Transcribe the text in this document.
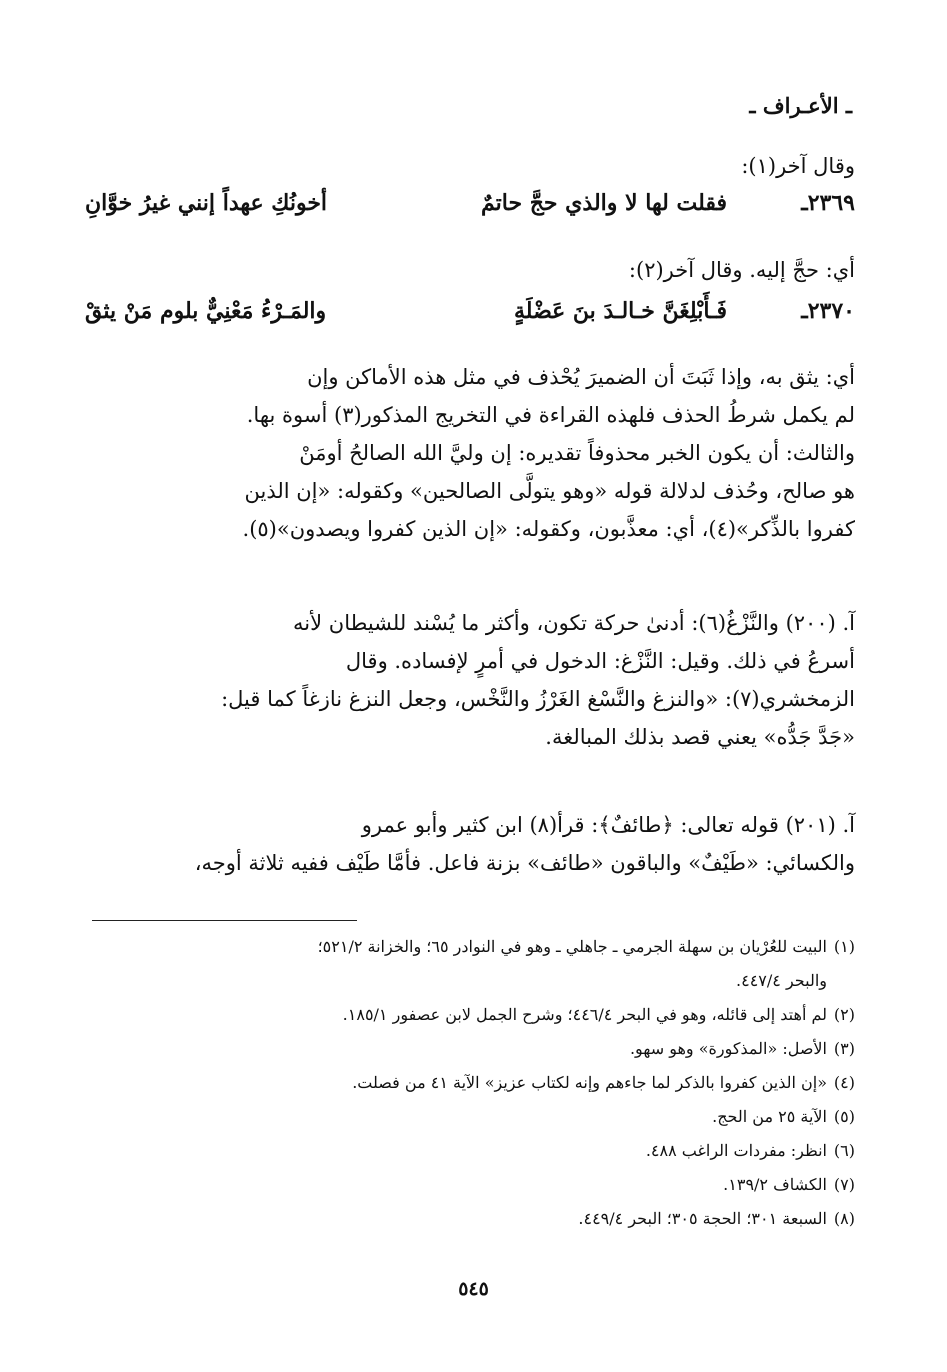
ـ الأعـراف ـ
وقال آخر(١):
٢٣٦٩ـ
فقلت لها لا والذي حجَّ حاتمٌ
أخونُكِ عهداً إنني غيرُ خوَّانِ
أي: حجَّ إليه. وقال آخر(٢):
٢٣٧٠ـ
فَـأَبْلِغَنَّ خـالـدَ بنَ عَضْلَةٍ
والمَـرْءُ مَعْنِيٌّ بلوم مَنْ يثقْ

أي: يثق به، وإذا ثَبَتَ أن الضميرَ يُحْذف في مثل هذه الأماكن وإن

لم يكمل شرطُ الحذف فلهذه القراءة في التخريج المذكور(٣) أسوة بها.

والثالث: أن يكون الخبر محذوفاً تقديره: إن وليَّ الله الصالحُ أومَنْ

هو صالح، وحُذف لدلالة قوله «وهو يتولَّى الصالحين» وكقوله: «إن الذين

كفروا بالذِّكر»(٤)، أي: معذَّبون، وكقوله: «إن الذين كفروا ويصدون»(٥).

آ. (٢٠٠) والنَّزْغُ(٦): أدنىٰ حركة تكون، وأكثر ما يُسْند للشيطان لأنه

أسرعُ في ذلك. وقيل: النَّزْغ: الدخول في أمرٍ لإفساده. وقال

الزمخشري(٧): «والنزغ والنَّسْغ الغَرْزُ والنَّخْس، وجعل النزغ نازغاً كما قيل:

«جَدَّ جَدُّه» يعني قصد بذلك المبالغة.

آ. (٢٠١) قوله تعالى: ﴿طائفٌ﴾: قرأ(٨) ابن كثير وأبو عمرو

والكسائي: «طَيْفٌ» والباقون «طائف» بزنة فاعل. فأمَّا طَيْف ففيه ثلاثة أوجه،

(١)
البيت للعُرْيان بن سهلة الجرمي ـ جاهلي ـ وهو في النوادر ٦٥؛ والخزانة ٥٢١/٢؛
والبحر ٤٤٧/٤.
(٢)
لم أهتد إلى قائله، وهو في البحر ٤٤٦/٤؛ وشرح الجمل لابن عصفور ١٨٥/١.
(٣)
الأصل: «المذكورة» وهو سهو.
(٤)
«إن الذين كفروا بالذكر لما جاءهم وإنه لكتاب عزيز» الآية ٤١ من فصلت.
(٥)
الآية ٢٥ من الحج.
(٦)
انظر: مفردات الراغب ٤٨٨.
(٧)
الكشاف ١٣٩/٢.
(٨)
السبعة ٣٠١؛ الحجة ٣٠٥؛ البحر ٤٤٩/٤.
٥٤٥
